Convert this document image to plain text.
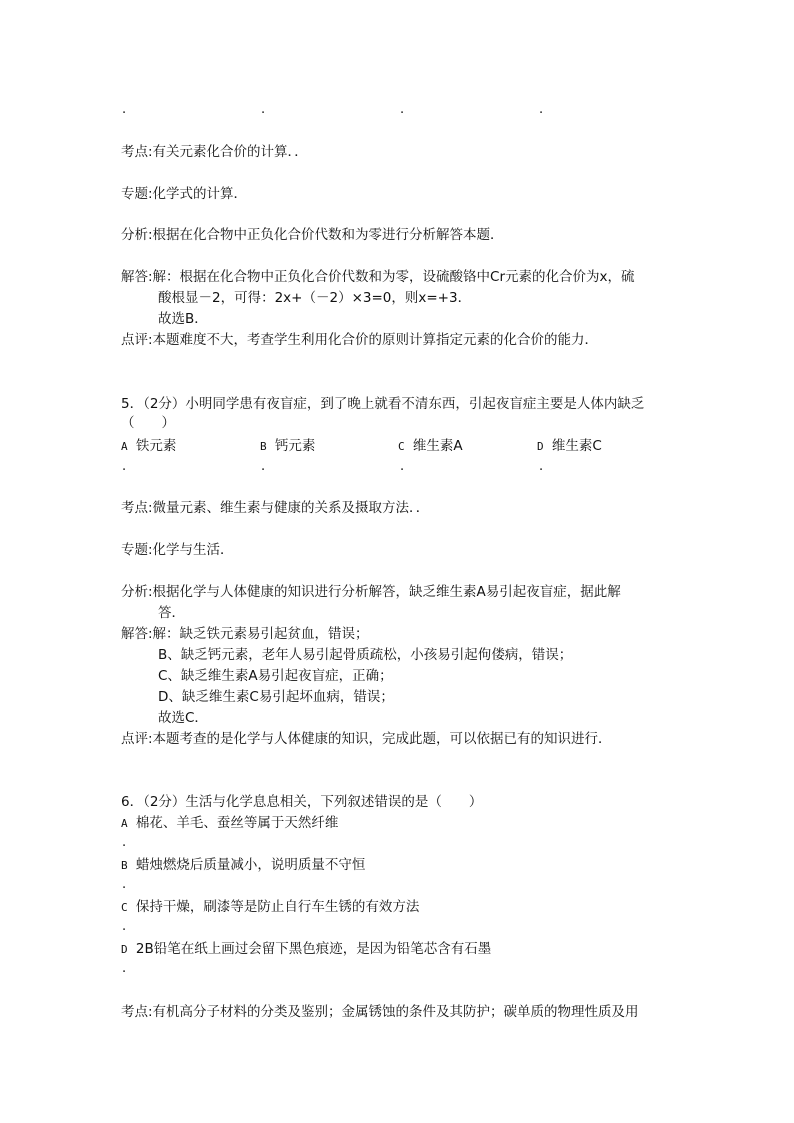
.	.	.	.
考点:有关元素化合价的计算．．
专题:化学式的计算．
分析:根据在化合物中正负化合价代数和为零进行分析解答本题．
解答:解：根据在化合物中正负化合价代数和为零，设硫酸铬中Cr元素的化合价为x，硫
酸根显－2，可得：2x+（－2）×3=0，则x=+3．
故选B．
点评:本题难度不大，考查学生利用化合价的原则计算指定元素的化合价的能力．
5．（2分）小明同学患有夜盲症，到了晚上就看不清东西，引起夜盲症主要是人体内缺乏
（　　）
A 铁元素	B 钙元素	C 维生素A	D 维生素C
.	.	.	.
考点:微量元素、维生素与健康的关系及摄取方法．．
专题:化学与生活．
分析:根据化学与人体健康的知识进行分析解答，缺乏维生素A易引起夜盲症，据此解
答．
解答:解：缺乏铁元素易引起贫血，错误；
B、缺乏钙元素，老年人易引起骨质疏松，小孩易引起佝偻病，错误；
C、缺乏维生素A易引起夜盲症，正确；
D、缺乏维生素C易引起坏血病，错误；
故选C．
点评:本题考查的是化学与人体健康的知识，完成此题，可以依据已有的知识进行．
6．（2分）生活与化学息息相关，下列叙述错误的是（　　）
A 棉花、羊毛、蚕丝等属于天然纤维
.
B 蜡烛燃烧后质量减小，说明质量不守恒
.
C 保持干燥，刷漆等是防止自行车生锈的有效方法
.
D 2B铅笔在纸上画过会留下黑色痕迹，是因为铅笔芯含有石墨
.
考点:有机高分子材料的分类及鉴别；金属锈蚀的条件及其防护；碳单质的物理性质及用
